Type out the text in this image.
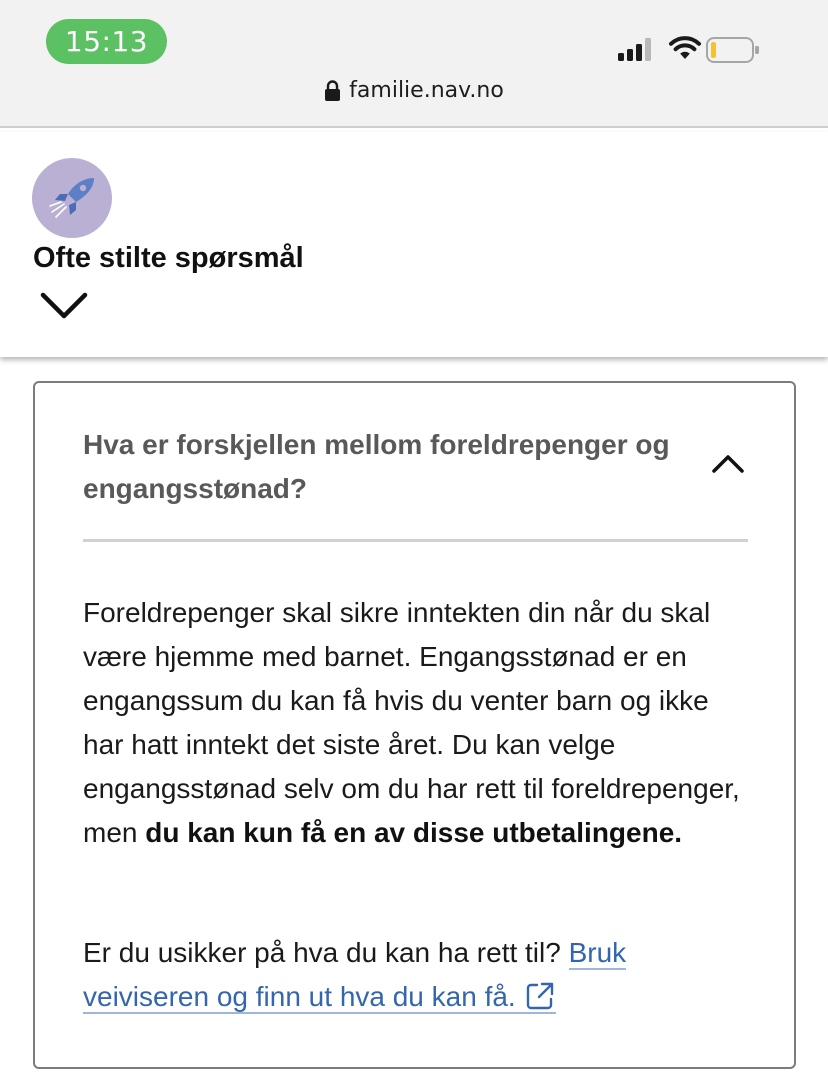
15:13
familie.nav.no
Ofte stilte spørsmål
Hva er forskjellen mellom foreldrepenger og engangsstønad?

Foreldrepenger skal sikre inntekten din når du skal være hjemme med barnet. Engangsstønad er en engangssum du kan få hvis du venter barn og ikke har hatt inntekt det siste året. Du kan velge engangsstønad selv om du har rett til foreldrepenger, men du kan kun få en av disse utbetalingene.

Er du usikker på hva du kan ha rett til? Bruk veiviseren og finn ut hva du kan få.
